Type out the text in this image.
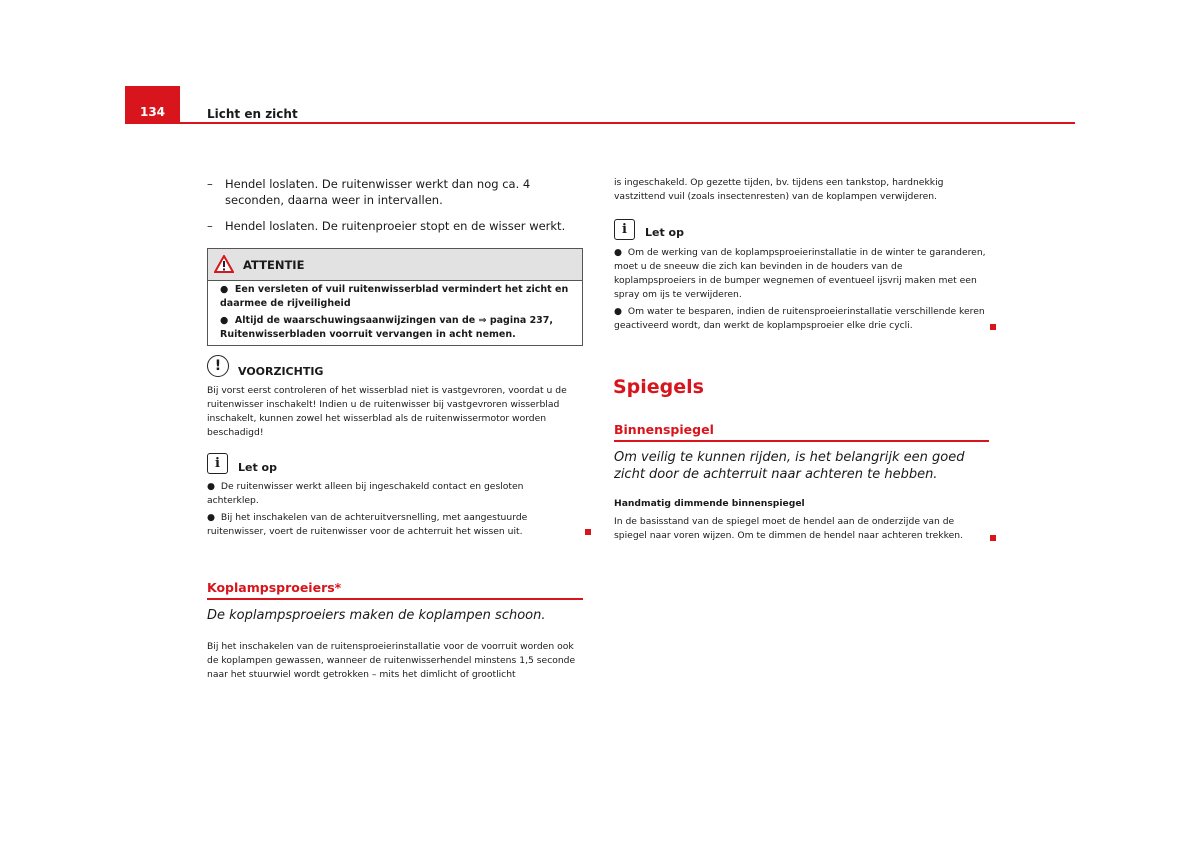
134	Licht en zicht
–	Hendel loslaten. De ruitenwisser werkt dan nog ca. 4 seconden, daarna weer in intervallen.
–	Hendel loslaten. De ruitenproeier stopt en de wisser werkt.
ATTENTIE

● Een versleten of vuil ruitenwisserblad vermindert het zicht en daarmee de rijveiligheid

● Altijd de waarschuwingsaanwijzingen van de ⇒ pagina 237, Ruitenwisserbladen voorruit vervangen in acht nemen.

!	VOORZICHTIG
Bij vorst eerst controleren of het wisserblad niet is vastgevroren, voordat u de ruitenwisser inschakelt! Indien u de ruitenwisser bij vastgevroren wisserblad inschakelt, kunnen zowel het wisserblad als de ruitenwissermotor worden beschadigd!
i	Let op

● De ruitenwisser werkt alleen bij ingeschakeld contact en gesloten achterklep.

● Bij het inschakelen van de achteruitversnelling, met aangestuurde ruitenwisser, voert de ruitenwisser voor de achterruit het wissen uit.

Koplampsproeiers*
De koplampsproeiers maken de koplampen schoon.
Bij het inschakelen van de ruitensproeierinstallatie voor de voorruit worden ook de koplampen gewassen, wanneer de ruitenwisserhendel minstens 1,5 seconde naar het stuurwiel wordt getrokken – mits het dimlicht of grootlicht
is ingeschakeld. Op gezette tijden, bv. tijdens een tankstop, hardnekkig vastzittend vuil (zoals insectenresten) van de koplampen verwijderen.
i	Let op

● Om de werking van de koplampsproeierinstallatie in de winter te garanderen, moet u de sneeuw die zich kan bevinden in de houders van de koplampsproeiers in de bumper wegnemen of eventueel ijsvrij maken met een spray om ijs te verwijderen.

● Om water te besparen, indien de ruitensproeierinstallatie verschillende keren geactiveerd wordt, dan werkt de koplampsproeier elke drie cycli.

Spiegels
Binnenspiegel
Om veilig te kunnen rijden, is het belangrijk een goed zicht door de achterruit naar achteren te hebben.
Handmatig dimmende binnenspiegel
In de basisstand van de spiegel moet de hendel aan de onderzijde van de spiegel naar voren wijzen. Om te dimmen de hendel naar achteren trekken.
